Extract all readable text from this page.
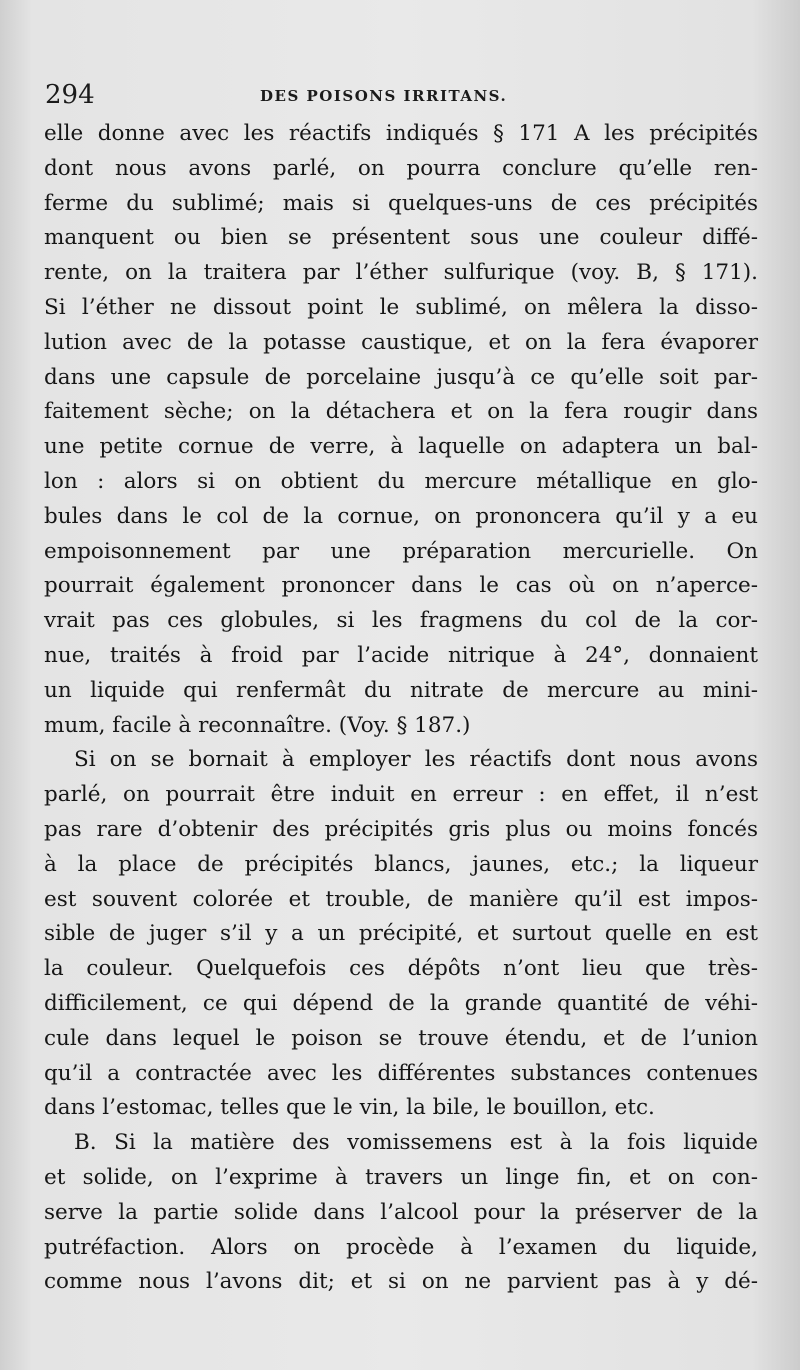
294	DES POISONS IRRITANS.
elle donne avec les réactifs indiqués § 171 A les précipités
dont nous avons parlé, on pourra conclure qu’elle ren-
ferme du sublimé; mais si quelques-uns de ces précipités
manquent ou bien se présentent sous une couleur diffé-
rente, on la traitera par l’éther sulfurique (voy. B, § 171).
Si l’éther ne dissout point le sublimé, on mêlera la disso-
lution avec de la potasse caustique, et on la fera évaporer
dans une capsule de porcelaine jusqu’à ce qu’elle soit par-
faitement sèche; on la détachera et on la fera rougir dans
une petite cornue de verre, à laquelle on adaptera un bal-
lon : alors si on obtient du mercure métallique en glo-
bules dans le col de la cornue, on prononcera qu’il y a eu
empoisonnement par une préparation mercurielle. On
pourrait également prononcer dans le cas où on n’aperce-
vrait pas ces globules, si les fragmens du col de la cor-
nue, traités à froid par l’acide nitrique à 24°, donnaient
un liquide qui renfermât du nitrate de mercure au mini-
mum, facile à reconnaître. (Voy. § 187.)
Si on se bornait à employer les réactifs dont nous avons
parlé, on pourrait être induit en erreur : en effet, il n’est
pas rare d’obtenir des précipités gris plus ou moins foncés
à la place de précipités blancs, jaunes, etc.; la liqueur
est souvent colorée et trouble, de manière qu’il est impos-
sible de juger s’il y a un précipité, et surtout quelle en est
la couleur. Quelquefois ces dépôts n’ont lieu que très-
difficilement, ce qui dépend de la grande quantité de véhi-
cule dans lequel le poison se trouve étendu, et de l’union
qu’il a contractée avec les différentes substances contenues
dans l’estomac, telles que le vin, la bile, le bouillon, etc.
B. Si la matière des vomissemens est à la fois liquide
et solide, on l’exprime à travers un linge fin, et on con-
serve la partie solide dans l’alcool pour la préserver de la
putréfaction. Alors on procède à l’examen du liquide,
comme nous l’avons dit; et si on ne parvient pas à y dé-
